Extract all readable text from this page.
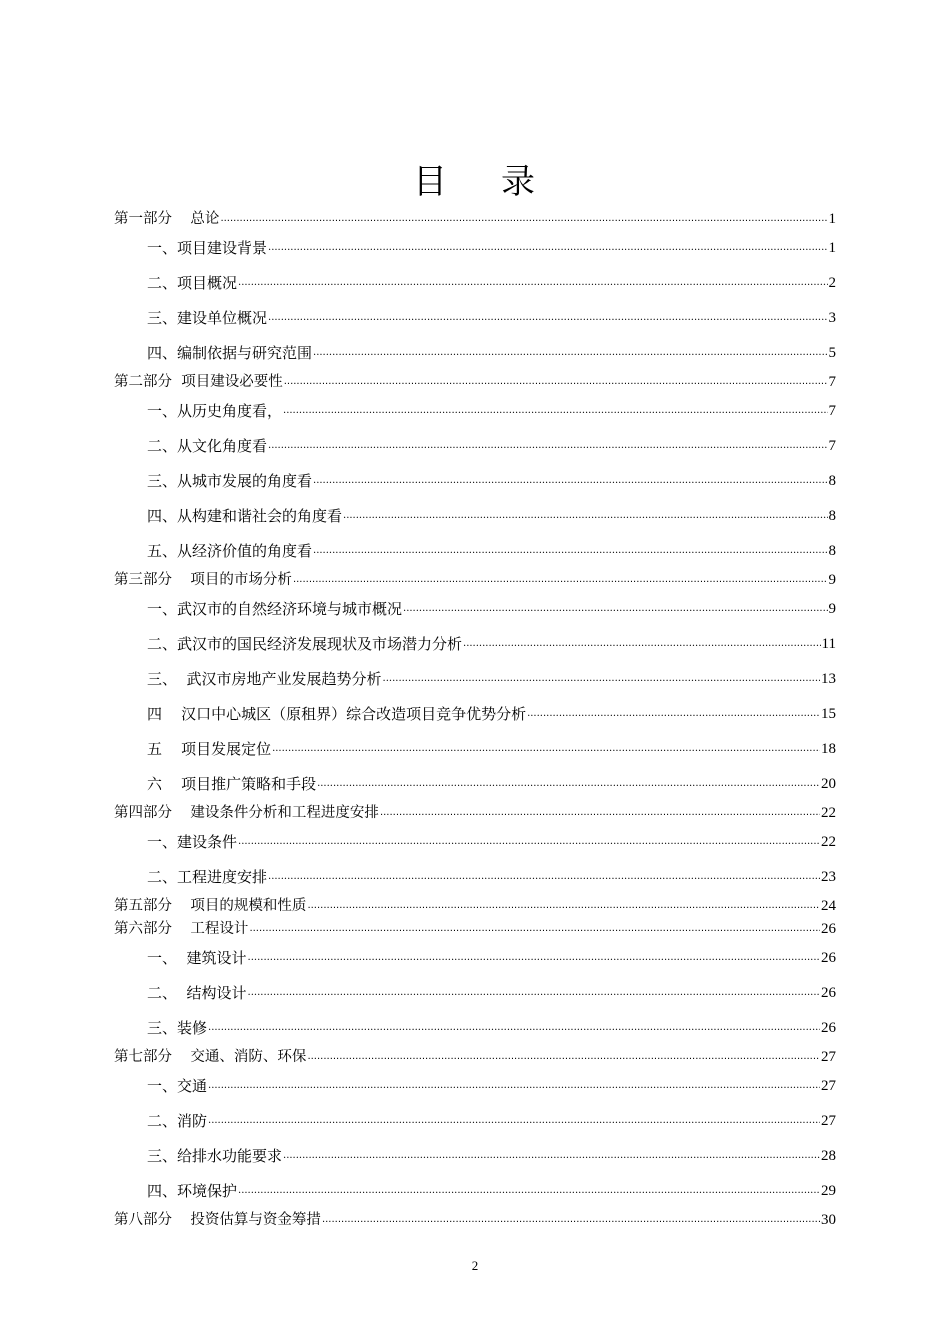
目 录
第一部分    总论 .....	1
一、项目建设背景 .....	1
二、项目概况 .....	2
三、建设单位概况 .....	3
四、编制依据与研究范围 .....	5
第二部分  项目建设必要性 .....	7
一、从历史角度看， .....	7
二、从文化角度看 .....	7
三、从城市发展的角度看 .....	8
四、从构建和谐社会的角度看 .....	8
五、从经济价值的角度看 .....	8
第三部分    项目的市场分析 .....	9
一、武汉市的自然经济环境与城市概况 .....	9
二、武汉市的国民经济发展现状及市场潜力分析 .....	11
三、  武汉市房地产业发展趋势分析 .....	13
四    汉口中心城区（原租界）综合改造项目竞争优势分析 .....	15
五    项目发展定位 .....	18
六    项目推广策略和手段 .....	20
第四部分    建设条件分析和工程进度安排 .....	22
一、建设条件 .....	22
二、工程进度安排 .....	23
第五部分    项目的规模和性质 .....	24
第六部分    工程设计 .....	26
一、  建筑设计 .....	26
二、  结构设计 .....	26
三、装修 .....	26
第七部分    交通、消防、环保 .....	27
一、交通 .....	27
二、消防 .....	27
三、给排水功能要求 .....	28
四、环境保护 .....	29
第八部分    投资估算与资金筹措 .....	30
2
